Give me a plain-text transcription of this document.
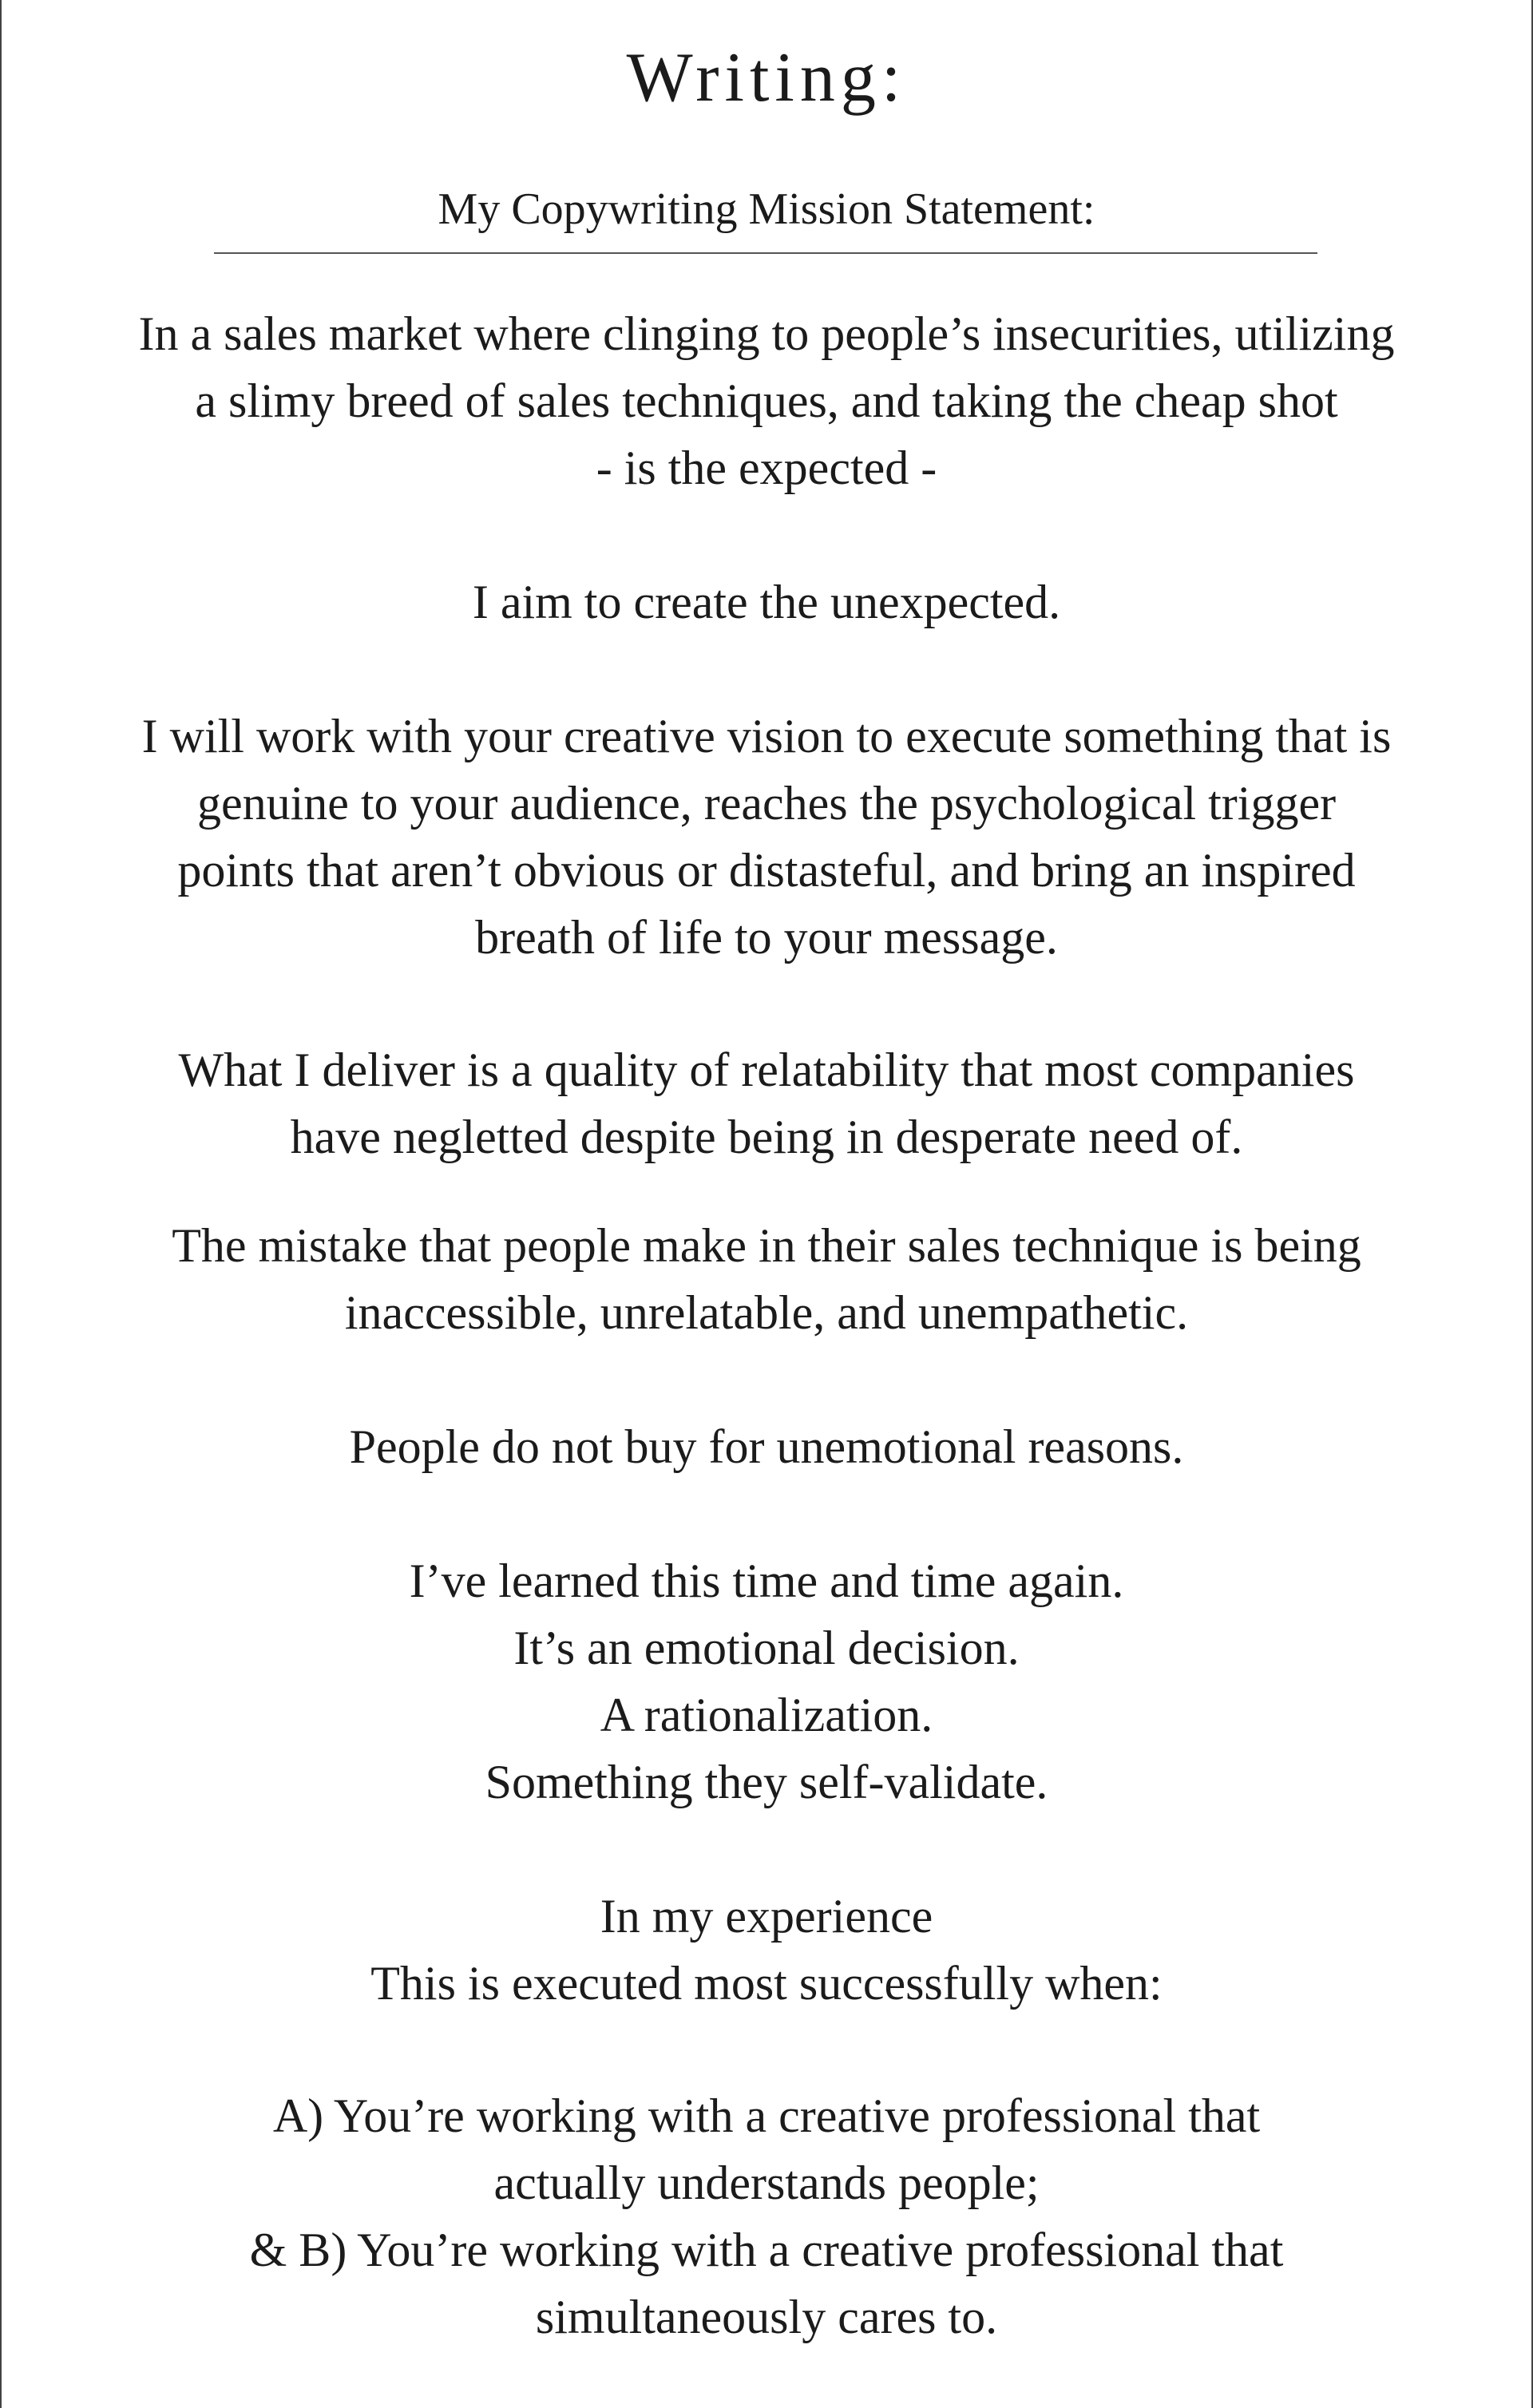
Writing:
My Copywriting Mission Statement:
In a sales market where clinging to people’s insecurities, utilizing
a slimy breed of sales techniques, and taking the cheap shot
- is the expected -
I aim to create the unexpected.
I will work with your creative vision to execute something that is
genuine to your audience, reaches the psychological trigger
points that aren’t obvious or distasteful, and bring an inspired
breath of life to your message.
What I deliver is a quality of relatability that most companies
have negletted despite being in desperate need of.
The mistake that people make in their sales technique is being
inaccessible, unrelatable, and unempathetic.
People do not buy for unemotional reasons.
I’ve learned this time and time again.
It’s an emotional decision.
A rationalization.
Something they self-validate.
In my experience
This is executed most successfully when:
A) You’re working with a creative professional that
actually understands people;
& B) You’re working with a creative professional that
simultaneously cares to.
